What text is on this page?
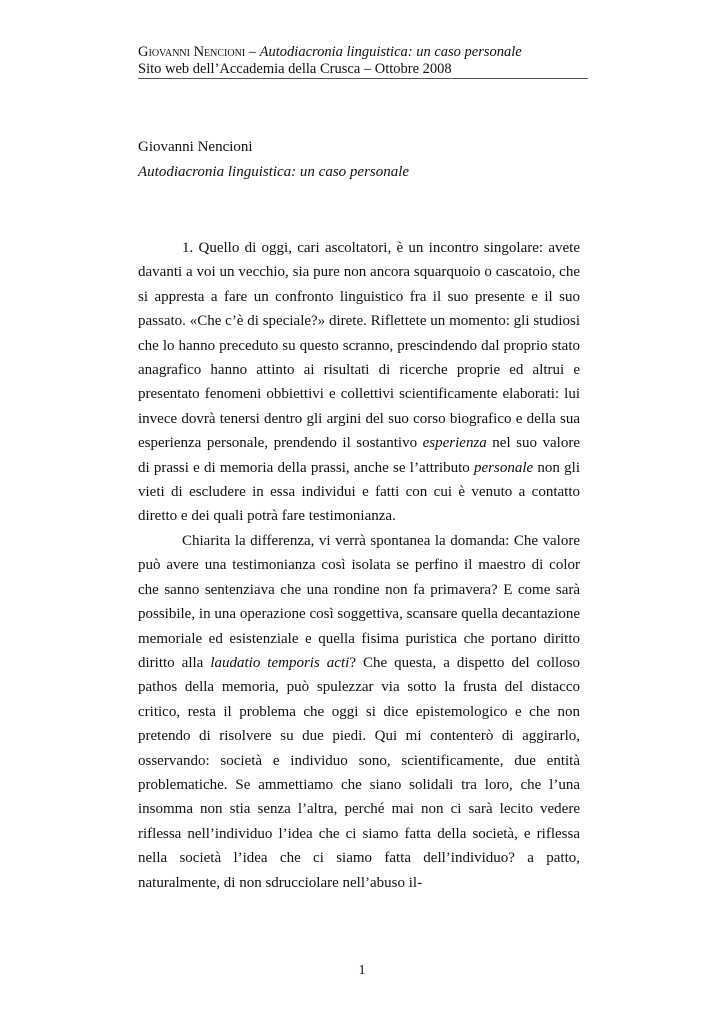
Giovanni Nencioni – Autodiacronia linguistica: un caso personale
Sito web dell’Accademia della Crusca – Ottobre 2008
Giovanni Nencioni
Autodiacronia linguistica: un caso personale

1. Quello di oggi, cari ascoltatori, è un incontro singolare: avete davanti a voi un vecchio, sia pure non ancora squarquoio o cascatoio, che si appresta a fare un confronto linguistico fra il suo presente e il suo passato. «Che c’è di speciale?» direte. Riflettete un momento: gli studiosi che lo hanno preceduto su questo scranno, prescindendo dal proprio stato anagrafico hanno attinto ai risultati di ricerche proprie ed altrui e presentato fenomeni obbiettivi e collettivi scientificamente elaborati: lui invece dovrà tenersi dentro gli argini del suo corso biografico e della sua esperienza personale, prendendo il sostantivo esperienza nel suo valore di prassi e di memoria della prassi, anche se l’attributo personale non gli vieti di escludere in essa individui e fatti con cui è venuto a contatto diretto e dei quali potrà fare testimonianza.

Chiarita la differenza, vi verrà spontanea la domanda: Che valore può avere una testimonianza così isolata se perfino il maestro di color che sanno sentenziava che una rondine non fa primavera? E come sarà possibile, in una operazione così soggettiva, scansare quella decantazione memoriale ed esistenziale e quella fisima puristica che portano diritto diritto alla laudatio temporis acti? Che questa, a dispetto del colloso pathos della memoria, può spulezzar via sotto la frusta del distacco critico, resta il problema che oggi si dice epistemologico e che non pretendo di risolvere su due piedi. Qui mi contenterò di aggirarlo, osservando: società e individuo sono, scientificamente, due entità problematiche. Se ammettiamo che siano solidali tra loro, che l’una insomma non stia senza l’altra, perché mai non ci sarà lecito vedere riflessa nell’individuo l’idea che ci siamo fatta della società, e riflessa nella società l’idea che ci siamo fatta dell’individuo? a patto, naturalmente, di non sdrucciolare nell’abuso il-

1
